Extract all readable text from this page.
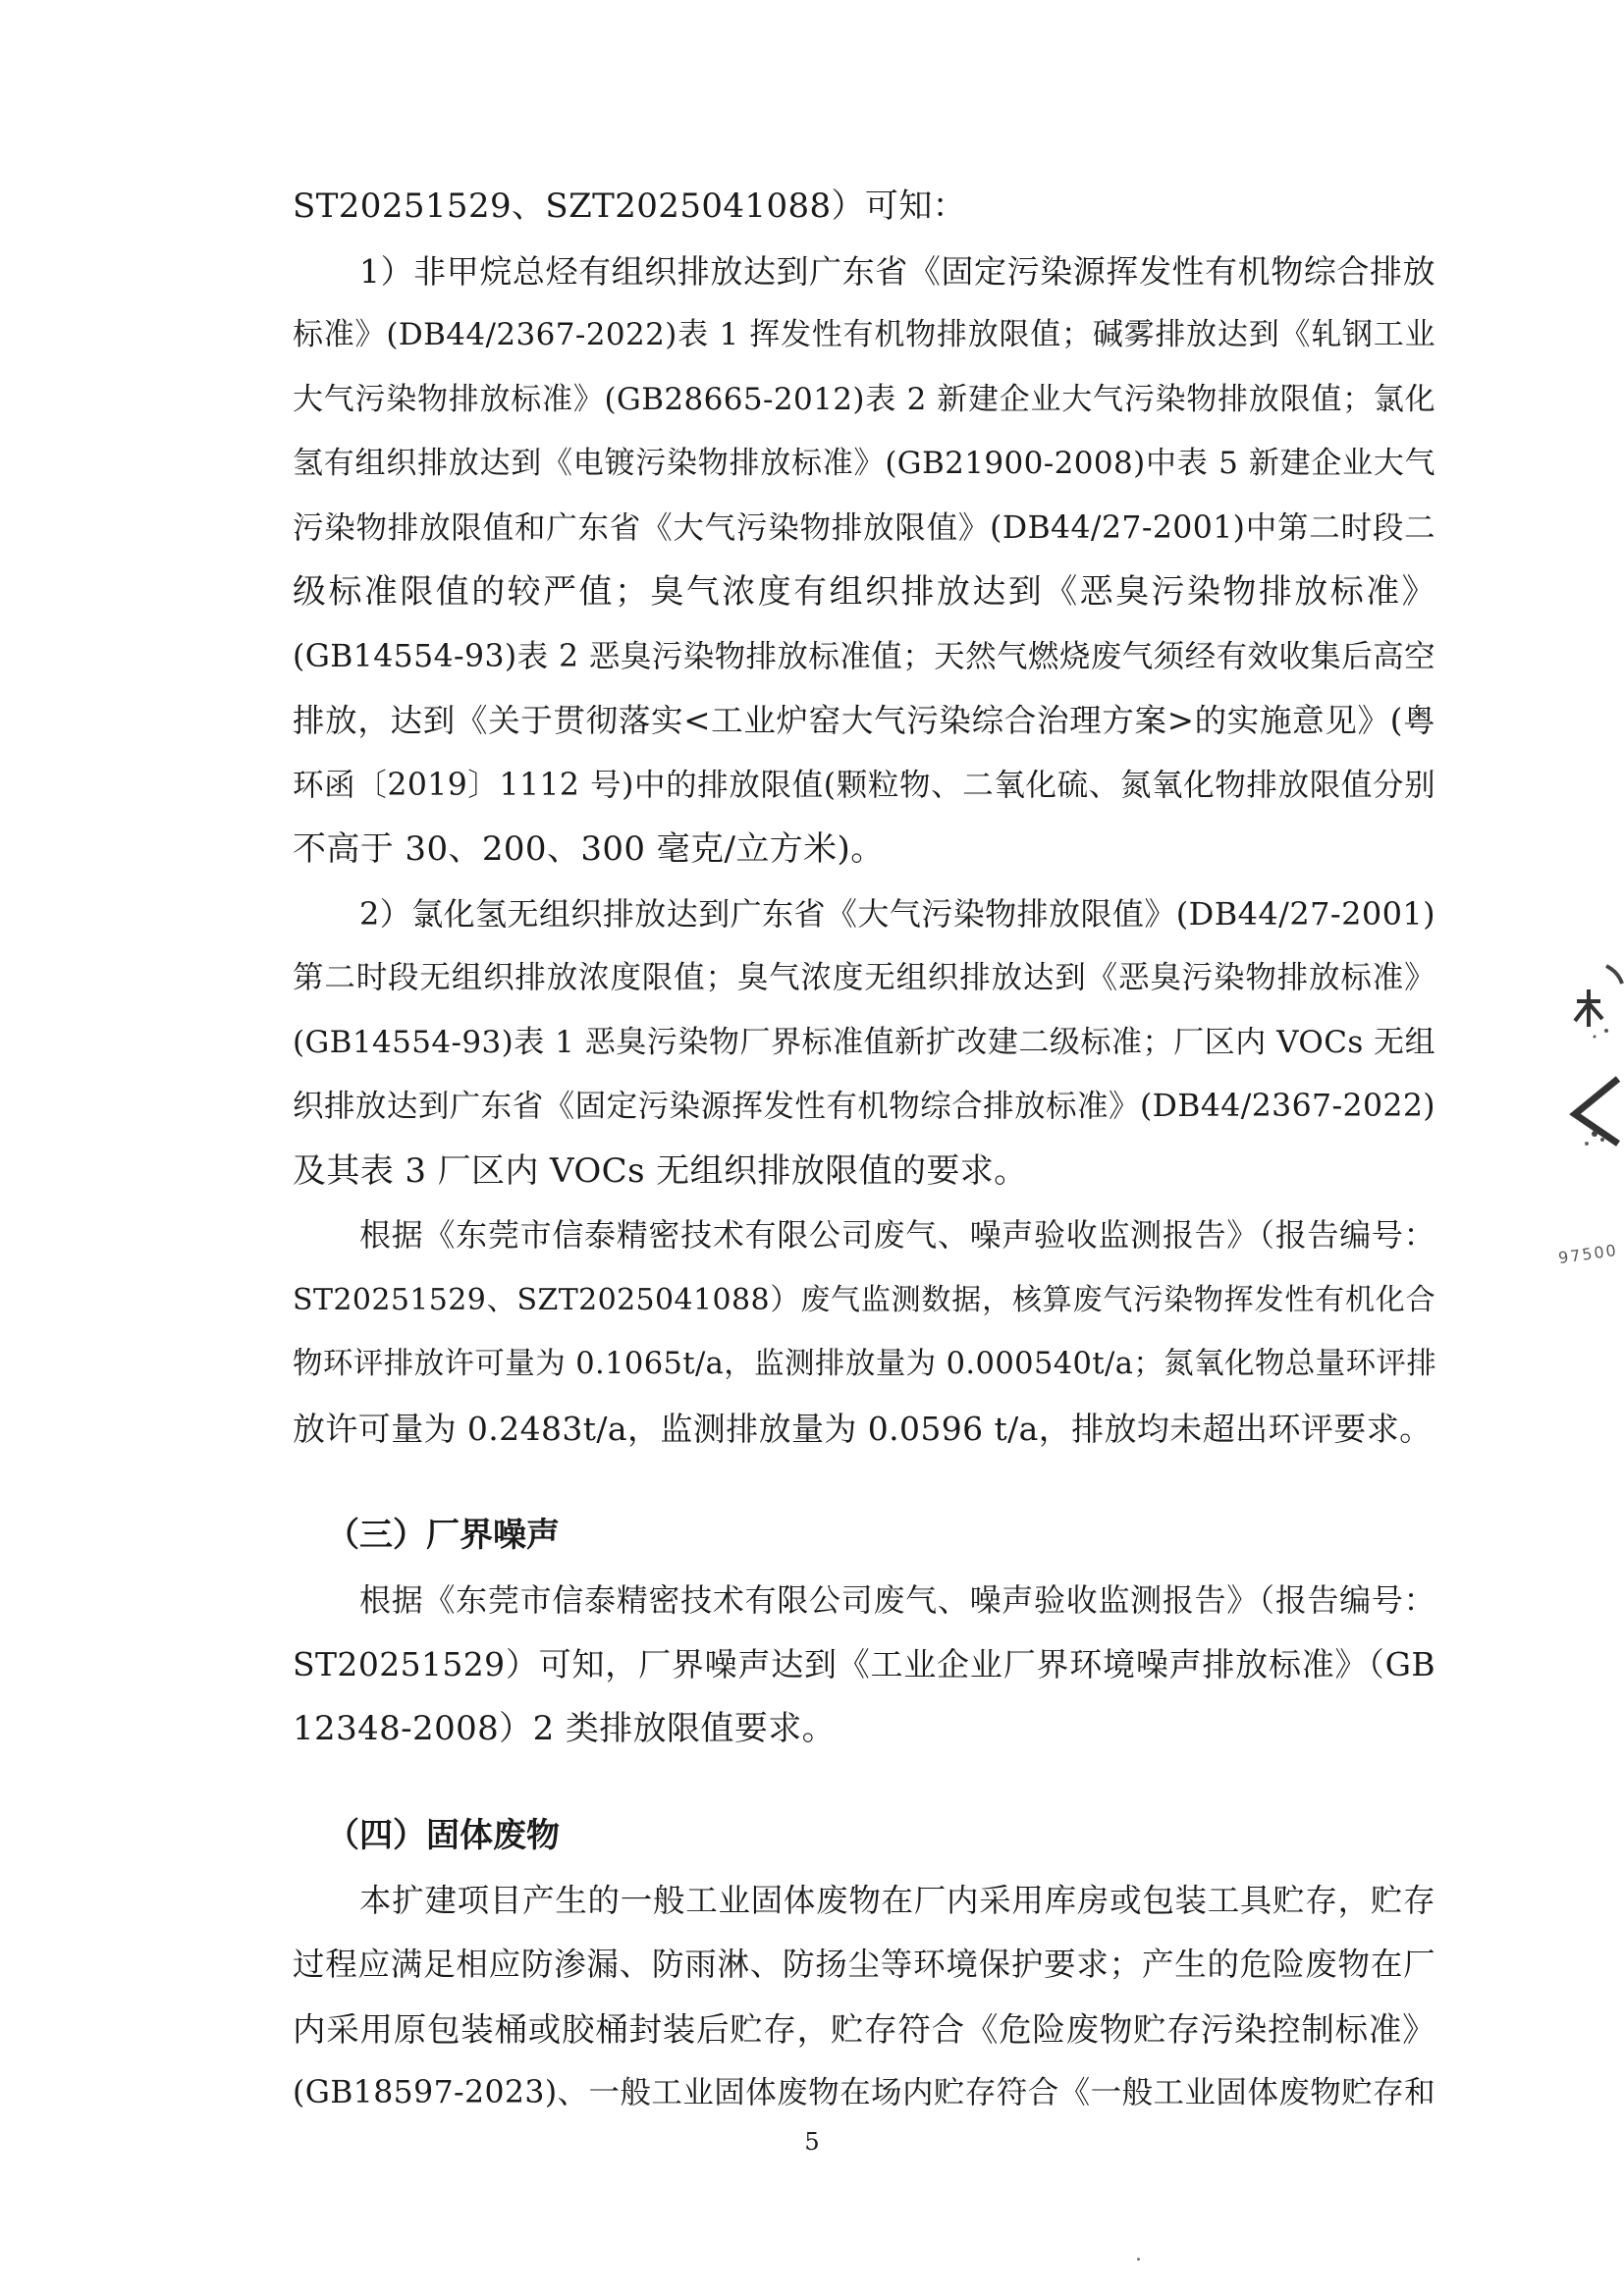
ST20251529、SZT2025041088）可知：
1）非甲烷总烃有组织排放达到广东省《固定污染源挥发性有机物综合排放
标准》(DB44/2367-2022)表 1 挥发性有机物排放限值；碱雾排放达到《轧钢工业
大气污染物排放标准》(GB28665-2012)表 2 新建企业大气污染物排放限值；氯化
氢有组织排放达到《电镀污染物排放标准》(GB21900-2008)中表 5 新建企业大气
污染物排放限值和广东省《大气污染物排放限值》(DB44/27-2001)中第二时段二
级标准限值的较严值；臭气浓度有组织排放达到《恶臭污染物排放标准》
(GB14554-93)表 2 恶臭污染物排放标准值；天然气燃烧废气须经有效收集后高空
排放，达到《关于贯彻落实<工业炉窑大气污染综合治理方案>的实施意见》(粤
环函〔2019〕1112 号)中的排放限值(颗粒物、二氧化硫、氮氧化物排放限值分别
不高于 30、200、300 毫克/立方米)。
2）氯化氢无组织排放达到广东省《大气污染物排放限值》(DB44/27-2001)
第二时段无组织排放浓度限值；臭气浓度无组织排放达到《恶臭污染物排放标准》
(GB14554-93)表 1 恶臭污染物厂界标准值新扩改建二级标准；厂区内 VOCs 无组
织排放达到广东省《固定污染源挥发性有机物综合排放标准》(DB44/2367-2022)
及其表 3 厂区内 VOCs 无组织排放限值的要求。
根据《东莞市信泰精密技术有限公司废气、噪声验收监测报告》（报告编号：
ST20251529、SZT2025041088）废气监测数据，核算废气污染物挥发性有机化合
物环评排放许可量为 0.1065t/a，监测排放量为 0.000540t/a；氮氧化物总量环评排
放许可量为 0.2483t/a，监测排放量为 0.0596 t/a，排放均未超出环评要求。
（三）厂界噪声
根据《东莞市信泰精密技术有限公司废气、噪声验收监测报告》（报告编号：
ST20251529）可知，厂界噪声达到《工业企业厂界环境噪声排放标准》（GB
12348-2008）2 类排放限值要求。
（四）固体废物
本扩建项目产生的一般工业固体废物在厂内采用库房或包装工具贮存，贮存
过程应满足相应防渗漏、防雨淋、防扬尘等环境保护要求；产生的危险废物在厂
内采用原包装桶或胶桶封装后贮存，贮存符合《危险废物贮存污染控制标准》
(GB18597-2023)、一般工业固体废物在场内贮存符合《一般工业固体废物贮存和
5
97500
